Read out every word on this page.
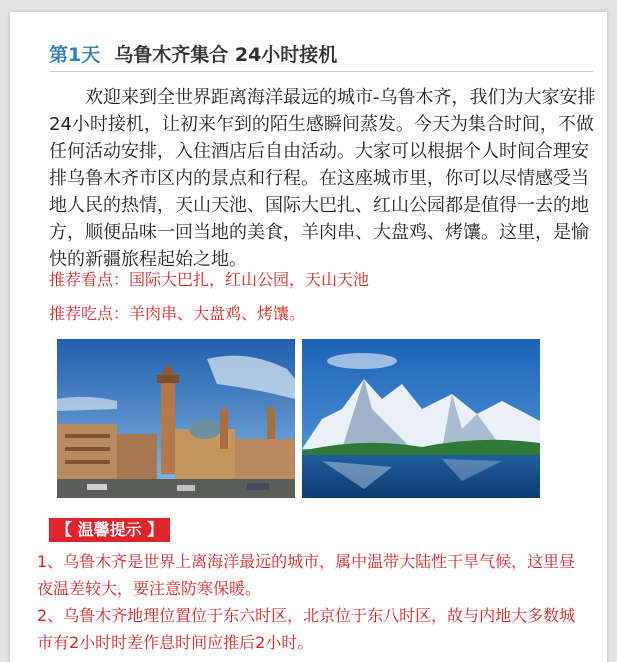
第1天 乌鲁木齐集合 24小时接机

欢迎来到全世界距离海洋最远的城市-乌鲁木齐，我们为大家安排24小时接机，让初来乍到的陌生感瞬间蒸发。今天为集合时间，不做任何活动安排，入住酒店后自由活动。大家可以根据个人时间合理安排乌鲁木齐市区内的景点和行程。在这座城市里，你可以尽情感受当地人民的热情，天山天池、国际大巴扎、红山公园都是值得一去的地方，顺便品味一回当地的美食，羊肉串、大盘鸡、烤馕。这里，是愉快的新疆旅程起始之地。

推荐看点：国际大巴扎，红山公园，天山天池
推荐吃点：羊肉串、大盘鸡、烤馕。
【 温馨提示 】
1、乌鲁木齐是世界上离海洋最远的城市，属中温带大陆性干旱气候，这里昼夜温差较大，要注意防寒保暖。
2、乌鲁木齐地理位置位于东六时区，北京位于东八时区，故与内地大多数城市有2小时时差作息时间应推后2小时。
